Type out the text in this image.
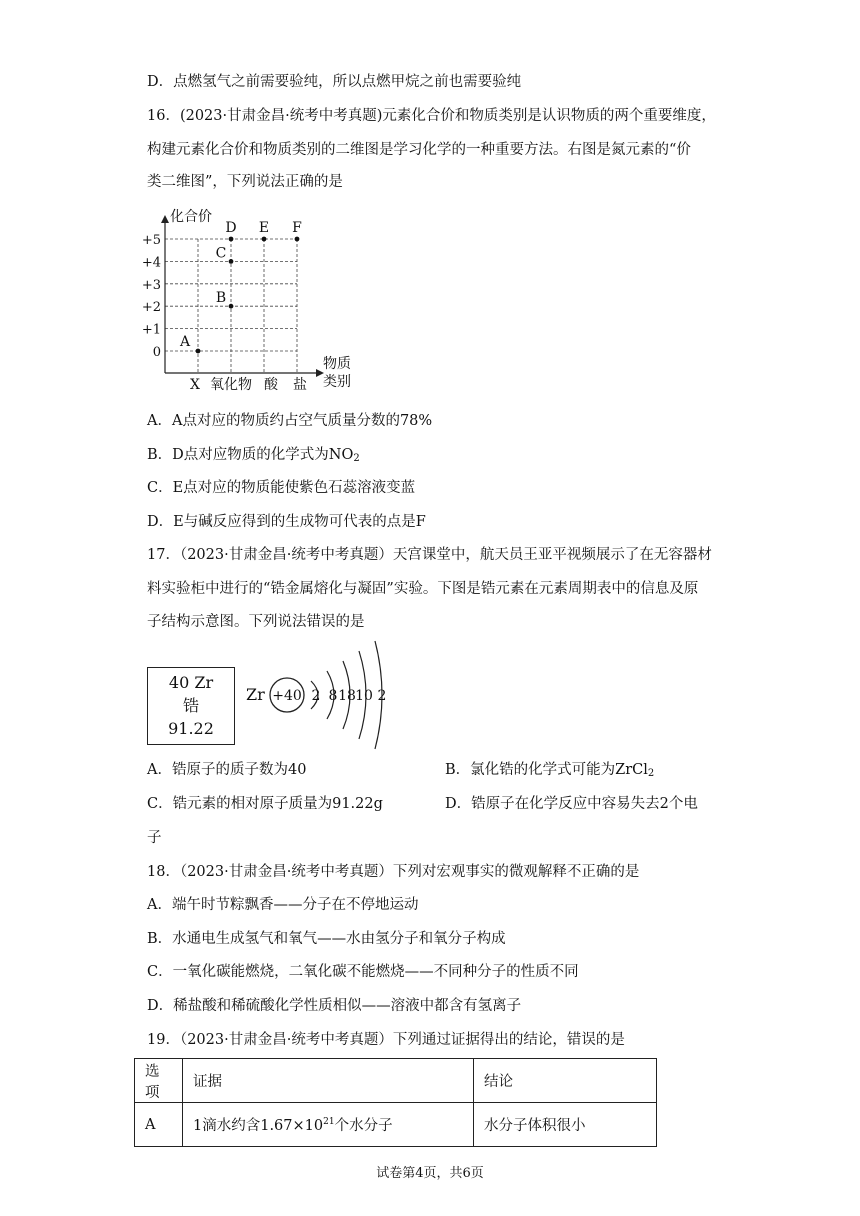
D．点燃氢气之前需要验纯，所以点燃甲烷之前也需要验纯
16．(2023·甘肃金昌·统考中考真题)元素化合价和物质类别是认识物质的两个重要维度，
构建元素化合价和物质类别的二维图是学习化学的一种重要方法。右图是氮元素的“价
类二维图”，下列说法正确的是
+5
+4
+3
+2
+1
0
X 氧化物 酸 盐
A
B
C
D E F
化合价
物质
类别
A．A点对应的物质约占空气质量分数的78%
B．D点对应物质的化学式为$NO_2$
C．E点对应的物质能使紫色石蕊溶液变蓝
D．E与碱反应得到的生成物可代表的点是F
17．（2023·甘肃金昌·统考中考真题）天宫课堂中，航天员王亚平视频展示了在无容器材
料实验柜中进行的“锆金属熔化与凝固”实验。下图是锆元素在元素周期表中的信息及原
子结构示意图。下列说法错误的是
40 Zr
锆
91.22
Zr +40 2 8 18 10 2
A．锆原子的质子数为40	B．氯化锆的化学式可能为ZrCl$_2$
C．锆元素的相对原子质量为91.22g	D．锆原子在化学反应中容易失去2个电
子
18．（2023·甘肃金昌·统考中考真题）下列对宏观事实的微观解释不正确的是
A．端午时节粽飘香——分子在不停地运动
B．水通电生成氢气和氧气——水由氢分子和氧分子构成
C．一氧化碳能燃烧，二氧化碳不能燃烧——不同种分子的性质不同
D．稀盐酸和稀硫酸化学性质相似——溶液中都含有氢离子
19．（2023·甘肃金昌·统考中考真题）下列通过证据得出的结论，错误的是
选项	证据	结论
A	1滴水约含$1.67\times 10^{21}$个水分子	水分子体积很小
试卷第4页，共6页
